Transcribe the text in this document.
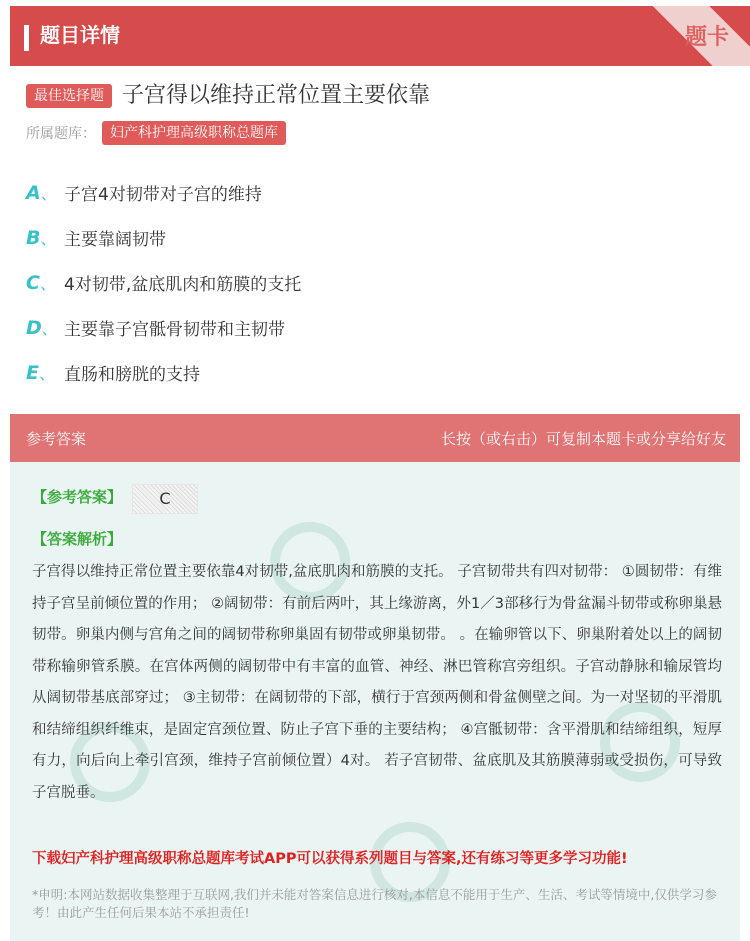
题目详情	题卡
最佳选择题 子宫得以维持正常位置主要依靠
所属题库：	妇产科护理高级职称总题库
A、 子宫4对韧带对子宫的维持
B、 主要靠阔韧带
C、 4对韧带,盆底肌肉和筋膜的支托
D、 主要靠子宫骶骨韧带和主韧带
E、 直肠和膀胱的支持
参考答案	长按（或右击）可复制本题卡或分享给好友
【参考答案】	C
【答案解析】
子宫得以维持正常位置主要依靠4对韧带,盆底肌肉和筋膜的支托。 子宫韧带共有四对韧带： ①圆韧带：有维持子宫呈前倾位置的作用； ②阔韧带：有前后两叶，其上缘游离，外1／3部移行为骨盆漏斗韧带或称卵巢悬韧带。卵巢内侧与宫角之间的阔韧带称卵巢固有韧带或卵巢韧带。 。在输卵管以下、卵巢附着处以上的阔韧带称输卵管系膜。在宫体两侧的阔韧带中有丰富的血管、神经、淋巴管称宫旁组织。子宫动静脉和输尿管均从阔韧带基底部穿过； ③主韧带：在阔韧带的下部，横行于宫颈两侧和骨盆侧壁之间。为一对坚韧的平滑肌和结缔组织纤维束，是固定宫颈位置、防止子宫下垂的主要结构； ④宫骶韧带：含平滑肌和结缔组织，短厚有力，向后向上牵引宫颈，维持子宫前倾位置）4对。 若子宫韧带、盆底肌及其筋膜薄弱或受损伤，可导致子宫脱垂。
下载妇产科护理高级职称总题库考试APP可以获得系列题目与答案,还有练习等更多学习功能!
*申明:本网站数据收集整理于互联网,我们并未能对答案信息进行核对,本信息不能用于生产、生活、考试等情境中,仅供学习参考！由此产生任何后果本站不承担责任!
